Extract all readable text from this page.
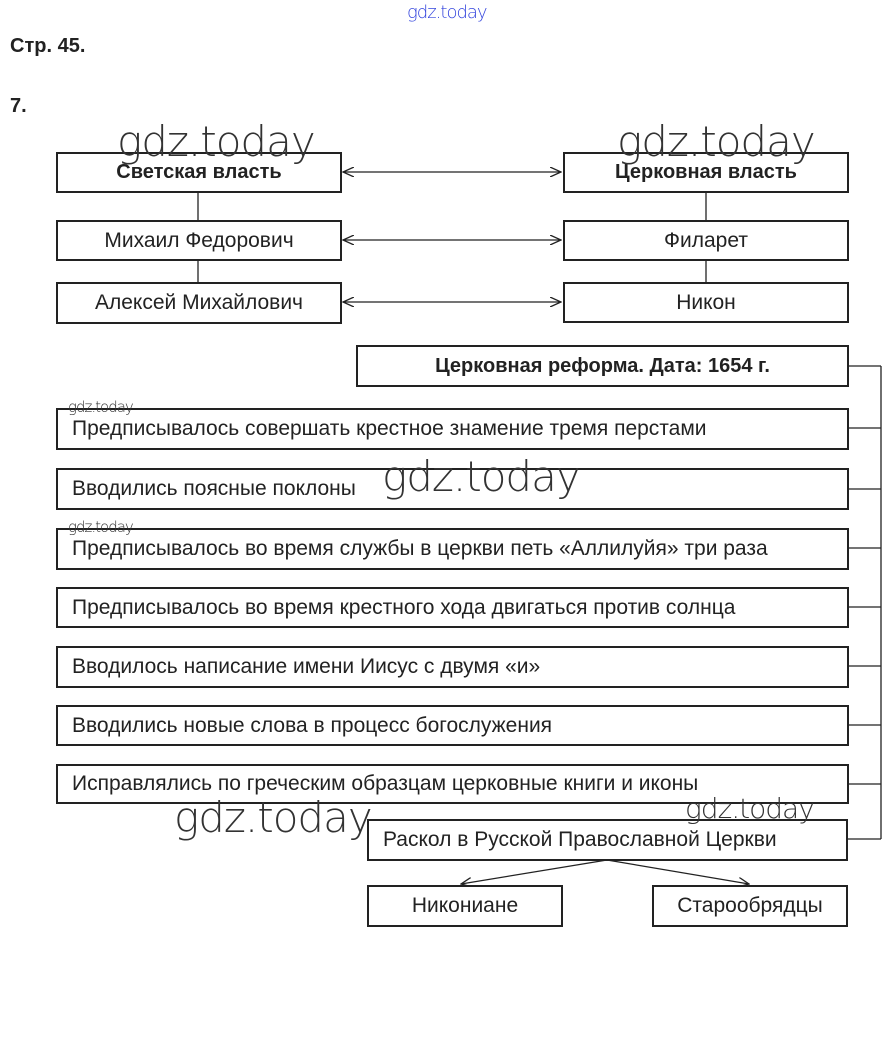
Стр. 45.
7.
Светская власть	Церковная власть
Михаил Федорович	Филарет
Алексей Михайлович	Никон
Церковная реформа. Дата: 1654 г.
Предписывалось совершать крестное знамение тремя перстами
Вводились поясные поклоны
Предписывалось во время службы в церкви петь «Аллилуйя» три раза
Предписывалось во время крестного хода двигаться против солнца
Вводилось написание имени Иисус с двумя «и»
Вводились новые слова в процесс богослужения
Исправлялись по греческим образцам церковные книги и иконы
Раскол в Русской Православной Церкви
Никониане	Старообрядцы
gdz.today
gdz.today	gdz.today
gdz.today
gdz.today
gdz.today
gdz.today	gdz.today
